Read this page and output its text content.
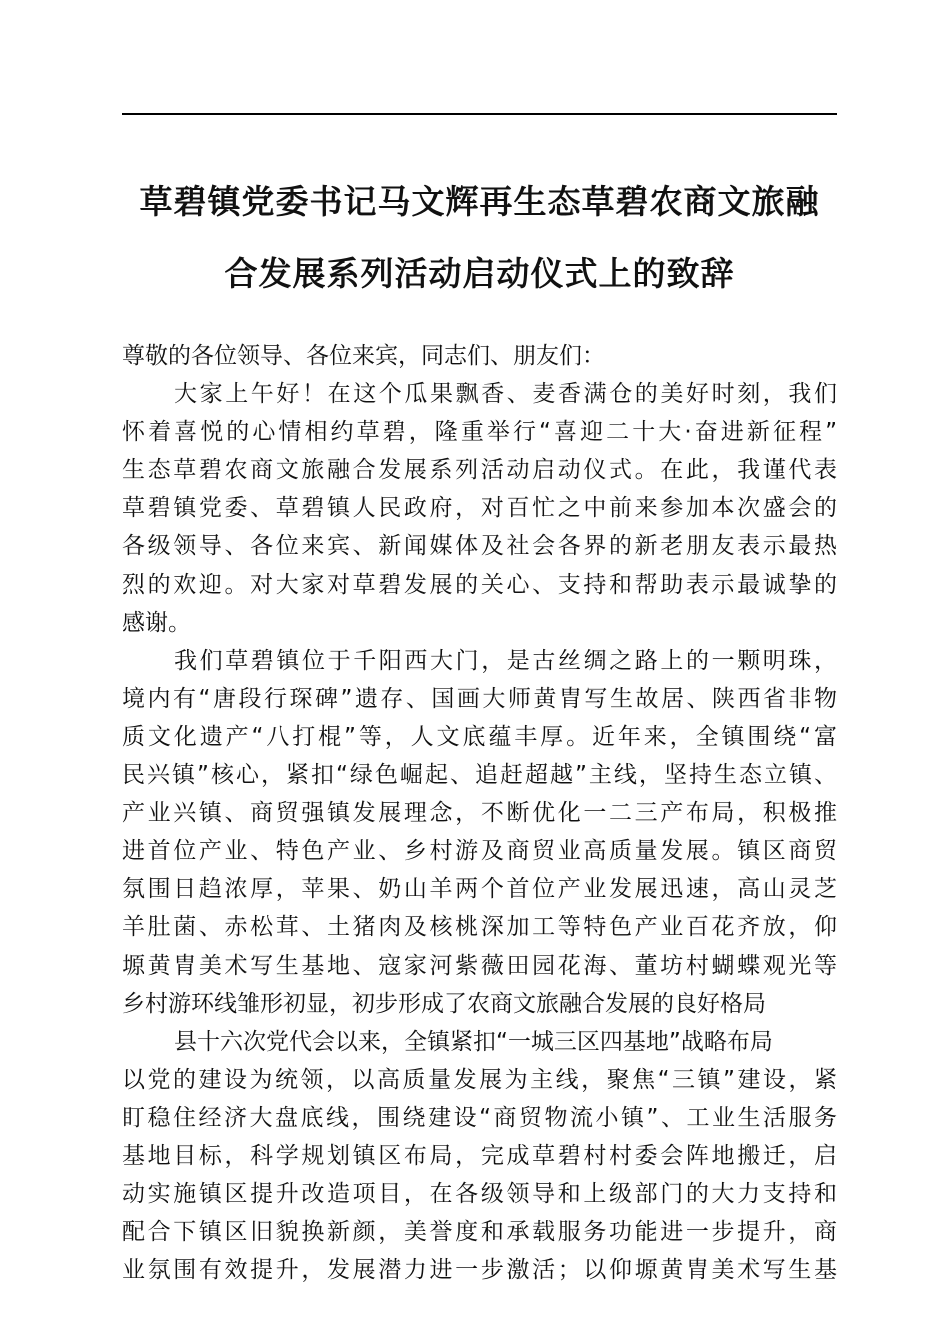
草碧镇党委书记马文辉再生态草碧农商文旅融
合发展系列活动启动仪式上的致辞
尊敬的各位领导、各位来宾，同志们、朋友们：
大家上午好！在这个瓜果飘香、麦香满仓的美好时刻，我们
怀着喜悦的心情相约草碧，隆重举行“喜迎二十大·奋进新征程”
生态草碧农商文旅融合发展系列活动启动仪式。在此，我谨代表
草碧镇党委、草碧镇人民政府，对百忙之中前来参加本次盛会的
各级领导、各位来宾、新闻媒体及社会各界的新老朋友表示最热
烈的欢迎。对大家对草碧发展的关心、支持和帮助表示最诚挚的
感谢。
我们草碧镇位于千阳西大门，是古丝绸之路上的一颗明珠，
境内有“唐段行琛碑”遗存、国画大师黄胄写生故居、陕西省非物
质文化遗产“八打棍”等，人文底蕴丰厚。近年来，全镇围绕“富
民兴镇”核心，紧扣“绿色崛起、追赶超越”主线，坚持生态立镇、
产业兴镇、商贸强镇发展理念，不断优化一二三产布局，积极推
进首位产业、特色产业、乡村游及商贸业高质量发展。镇区商贸
氛围日趋浓厚，苹果、奶山羊两个首位产业发展迅速，高山灵芝
羊肚菌、赤松茸、土猪肉及核桃深加工等特色产业百花齐放，仰
塬黄胄美术写生基地、寇家河紫薇田园花海、董坊村蝴蝶观光等
乡村游环线雏形初显，初步形成了农商文旅融合发展的良好格局
县十六次党代会以来，全镇紧扣“一城三区四基地”战略布局
以党的建设为统领，以高质量发展为主线，聚焦“三镇”建设，紧
盯稳住经济大盘底线，围绕建设“商贸物流小镇”、工业生活服务
基地目标，科学规划镇区布局，完成草碧村村委会阵地搬迁，启
动实施镇区提升改造项目，在各级领导和上级部门的大力支持和
配合下镇区旧貌换新颜，美誉度和承载服务功能进一步提升，商
业氛围有效提升，发展潜力进一步激活；以仰塬黄胄美术写生基
